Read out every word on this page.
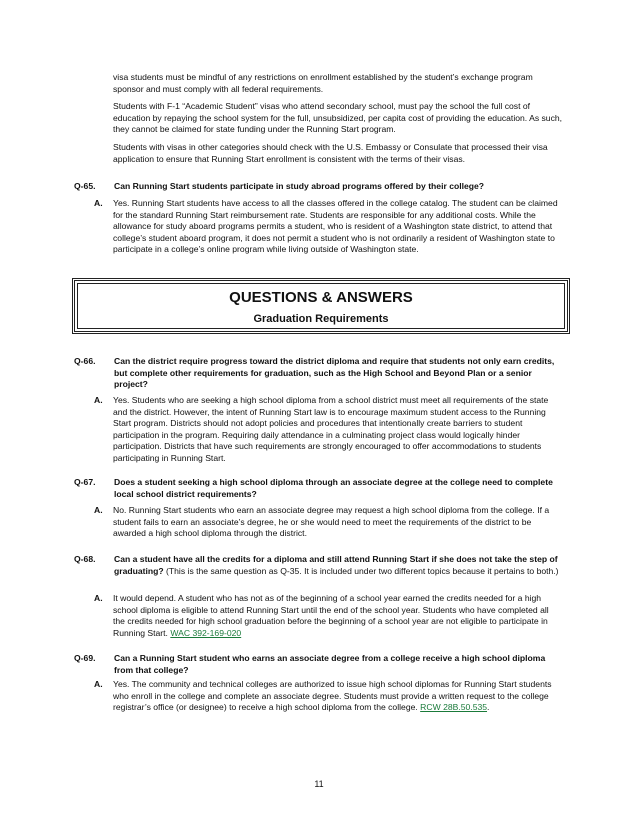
visa students must be mindful of any restrictions on enrollment established by the student’s exchange program sponsor and must comply with all federal requirements.

Students with F-1 “Academic Student” visas who attend secondary school, must pay the school the full cost of education by repaying the school system for the full, unsubsidized, per capita cost of providing the education. As such, they cannot be claimed for state funding under the Running Start program.

Students with visas in other categories should check with the U.S. Embassy or Consulate that processed their visa application to ensure that Running Start enrollment is consistent with the terms of their visas.

Q-65.	Can Running Start students participate in study abroad programs offered by their college?
A. Yes. Running Start students have access to all the classes offered in the college catalog. The student can be claimed for the standard Running Start reimbursement rate. Students are responsible for any additional costs. While the allowance for study aboard programs permits a student, who is resident of a Washington state district, to attend that college’s student aboard program, it does not permit a student who is not ordinarily a resident of Washington state to participate in a college’s online program while living outside of Washington state.
QUESTIONS & ANSWERS
Graduation Requirements
Q-66.	Can the district require progress toward the district diploma and require that students not only earn credits, but complete other requirements for graduation, such as the High School and Beyond Plan or a senior project?
A. Yes. Students who are seeking a high school diploma from a school district must meet all requirements of the state and the district. However, the intent of Running Start law is to encourage maximum student access to the Running Start program. Districts should not adopt policies and procedures that intentionally create barriers to student participation in the program. Requiring daily attendance in a culminating project class would logically hinder participation. Districts that have such requirements are strongly encouraged to offer accommodations to students participating in Running Start.
Q-67.	Does a student seeking a high school diploma through an associate degree at the college need to complete local school district requirements?
A. No. Running Start students who earn an associate degree may request a high school diploma from the college. If a student fails to earn an associate’s degree, he or she would need to meet the requirements of the district to be awarded a high school diploma through the district.
Q-68.	Can a student have all the credits for a diploma and still attend Running Start if she does not take the step of graduating? (This is the same question as Q-35. It is included under two different topics because it pertains to both.)
A. It would depend. A student who has not as of the beginning of a school year earned the credits needed for a high school diploma is eligible to attend Running Start until the end of the school year. Students who have completed all the credits needed for high school graduation before the beginning of a school year are not eligible to participate in Running Start. WAC 392-169-020
Q-69.	Can a Running Start student who earns an associate degree from a college receive a high school diploma from that college?
A. Yes. The community and technical colleges are authorized to issue high school diplomas for Running Start students who enroll in the college and complete an associate degree. Students must provide a written request to the college registrar’s office (or designee) to receive a high school diploma from the college. RCW 28B.50.535.
11
